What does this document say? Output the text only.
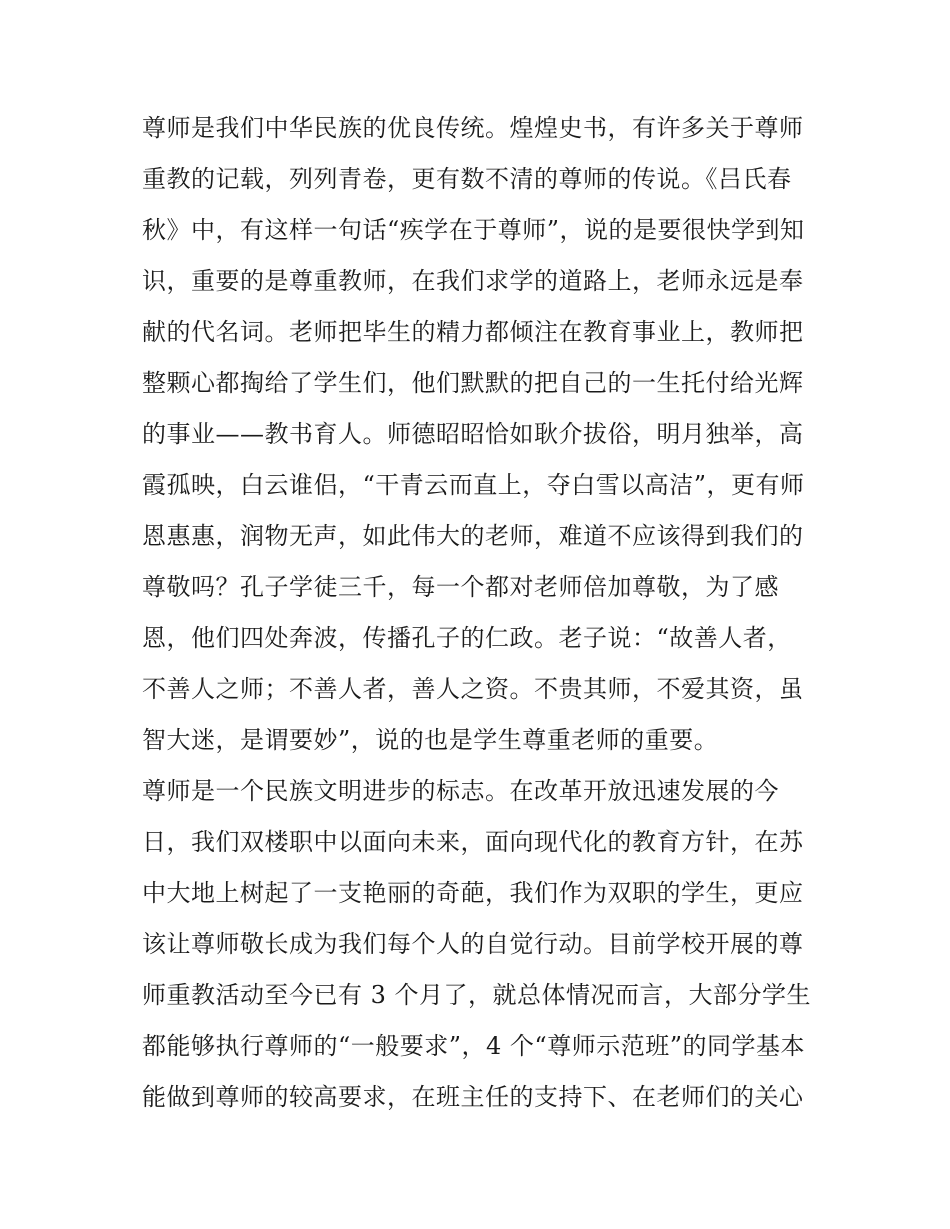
尊师是我们中华民族的优良传统。煌煌史书，有许多关于尊师
重教的记载，列列青卷，更有数不清的尊师的传说。《吕氏春
秋》中，有这样一句话“疾学在于尊师”，说的是要很快学到知
识，重要的是尊重教师，在我们求学的道路上，老师永远是奉
献的代名词。老师把毕生的精力都倾注在教育事业上，教师把
整颗心都掏给了学生们，他们默默的把自己的一生托付给光辉
的事业——教书育人。师德昭昭恰如耿介拔俗，明月独举，高
霞孤映，白云谁侣，“干青云而直上，夺白雪以高洁”，更有师
恩惠惠，润物无声，如此伟大的老师，难道不应该得到我们的
尊敬吗？孔子学徒三千，每一个都对老师倍加尊敬，为了感
恩，他们四处奔波，传播孔子的仁政。老子说：“故善人者，
不善人之师；不善人者，善人之资。不贵其师，不爱其资，虽
智大迷，是谓要妙”，说的也是学生尊重老师的重要。
尊师是一个民族文明进步的标志。在改革开放迅速发展的今
日，我们双楼职中以面向未来，面向现代化的教育方针，在苏
中大地上树起了一支艳丽的奇葩，我们作为双职的学生，更应
该让尊师敬长成为我们每个人的自觉行动。目前学校开展的尊
师重教活动至今已有 3 个月了，就总体情况而言，大部分学生
都能够执行尊师的“一般要求”，4 个“尊师示范班”的同学基本
能做到尊师的较高要求，在班主任的支持下、在老师们的关心
